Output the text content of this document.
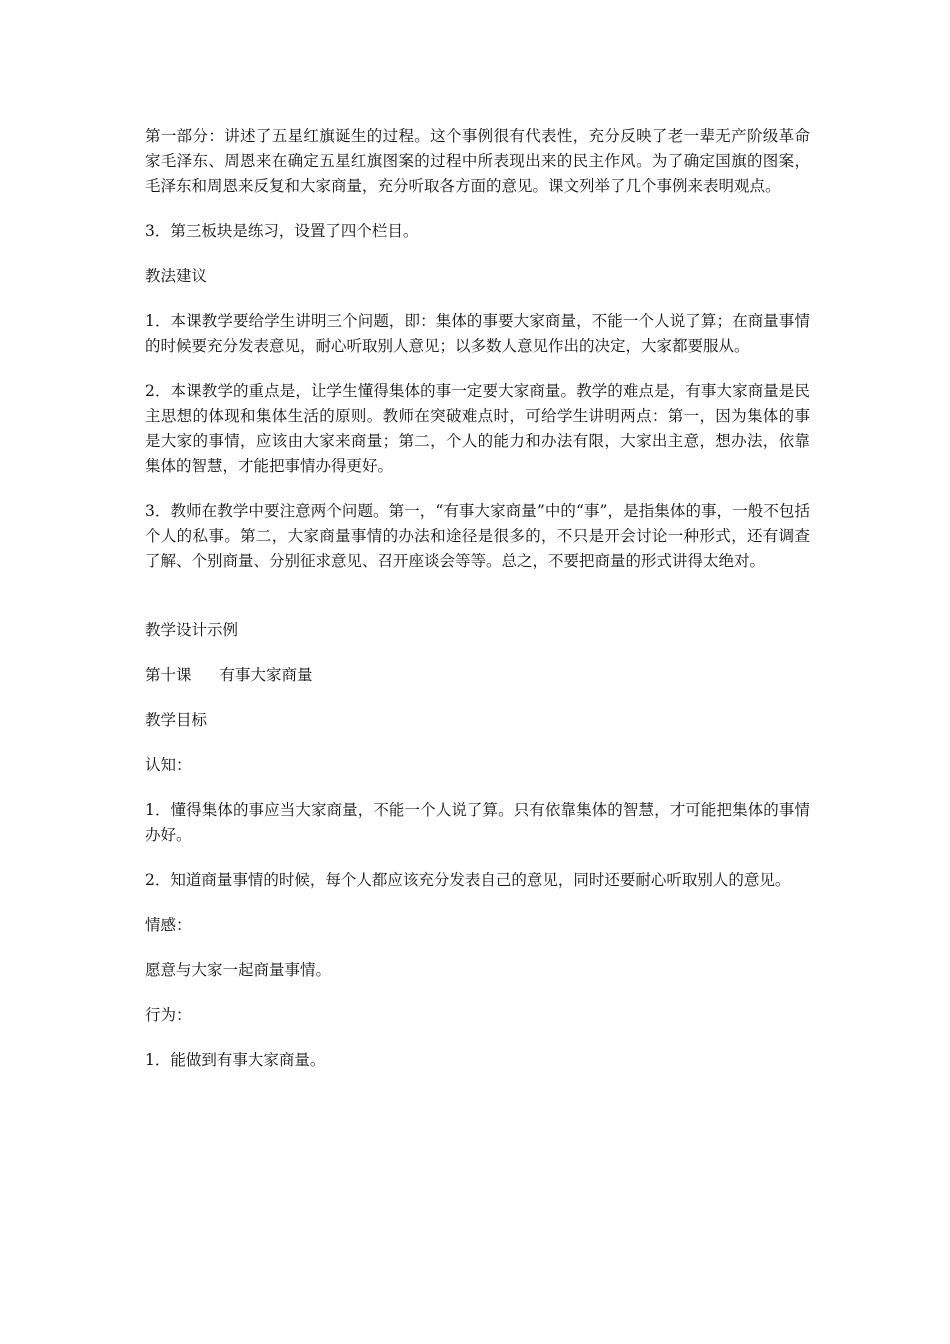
第一部分：讲述了五星红旗诞生的过程。这个事例很有代表性，充分反映了老一辈无产阶级革命家毛泽东、周恩来在确定五星红旗图案的过程中所表现出来的民主作风。为了确定国旗的图案，毛泽东和周恩来反复和大家商量，充分听取各方面的意见。课文列举了几个事例来表明观点。

3．第三板块是练习，设置了四个栏目。

教法建议

1．本课教学要给学生讲明三个问题，即：集体的事要大家商量，不能一个人说了算；在商量事情的时候要充分发表意见，耐心听取别人意见；以多数人意见作出的决定，大家都要服从。

2．本课教学的重点是，让学生懂得集体的事一定要大家商量。教学的难点是，有事大家商量是民主思想的体现和集体生活的原则。教师在突破难点时，可给学生讲明两点：第一，因为集体的事是大家的事情，应该由大家来商量；第二，个人的能力和办法有限，大家出主意，想办法，依靠集体的智慧，才能把事情办得更好。

3．教师在教学中要注意两个问题。第一，“有事大家商量”中的“事”，是指集体的事，一般不包括个人的私事。第二，大家商量事情的办法和途径是很多的，不只是开会讨论一种形式，还有调查了解、个别商量、分别征求意见、召开座谈会等等。总之，不要把商量的形式讲得太绝对。

教学设计示例

第十课 有事大家商量

教学目标

认知：

1．懂得集体的事应当大家商量，不能一个人说了算。只有依靠集体的智慧，才可能把集体的事情办好。

2．知道商量事情的时候，每个人都应该充分发表自己的意见，同时还要耐心听取别人的意见。

情感：

愿意与大家一起商量事情。

行为：

1．能做到有事大家商量。
